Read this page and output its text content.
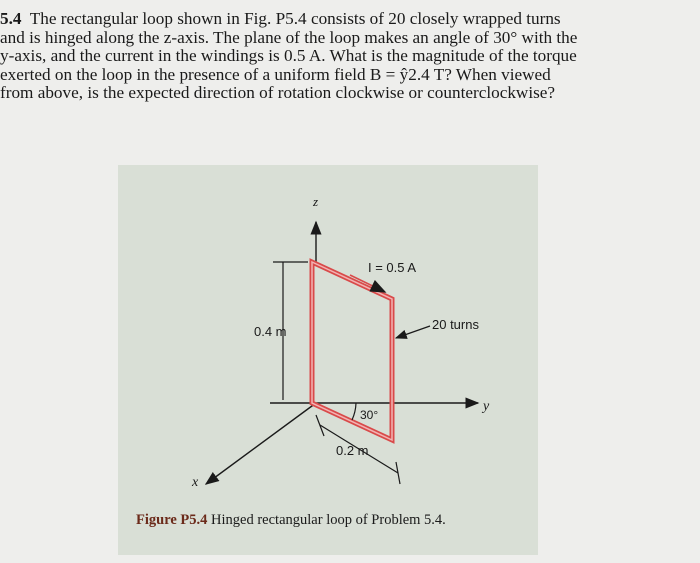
5.4 The rectangular loop shown in Fig. P5.4 consists of 20 closely wrapped turns
and is hinged along the z-axis. The plane of the loop makes an angle of 30° with the
y-axis, and the current in the windings is 0.5 A. What is the magnitude of the torque
exerted on the loop in the presence of a uniform field B = ŷ2.4 T? When viewed
from above, is the expected direction of rotation clockwise or counterclockwise?
z
y
x
I = 0.5 A
0.4 m	20 turns
30°
0.2 m
Figure P5.4 Hinged rectangular loop of Problem 5.4.
